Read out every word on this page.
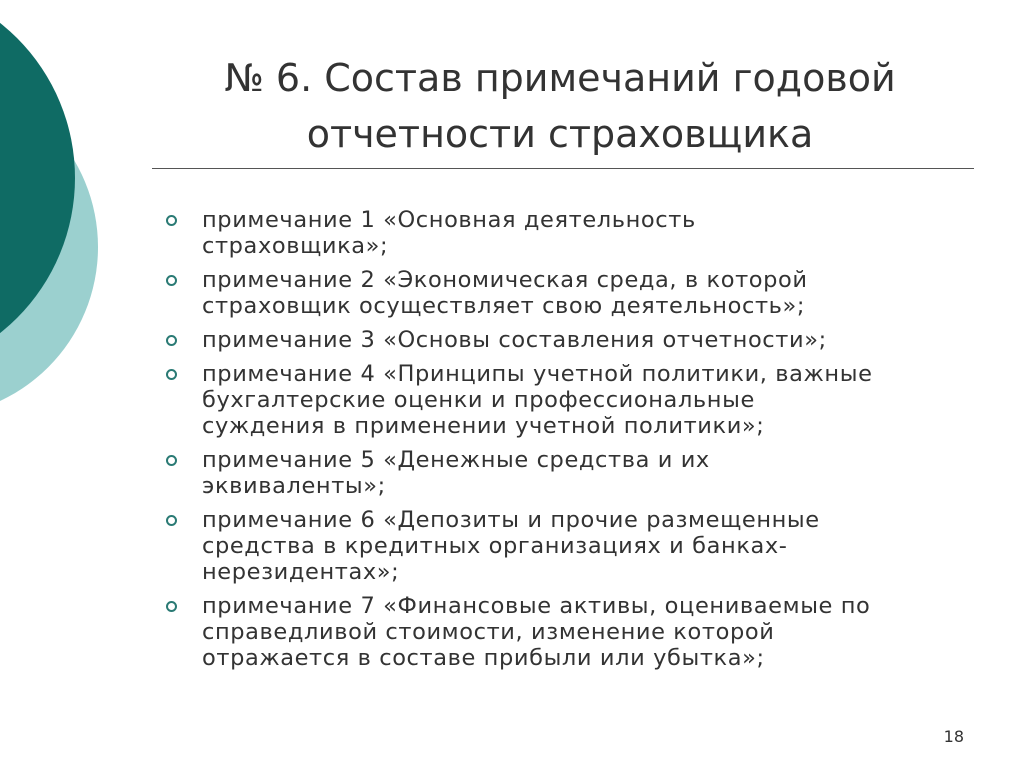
№ 6. Состав примечаний годовой
отчетности страховщика
примечание 1 «Основная деятельность
страховщика»;
примечание 2 «Экономическая среда, в которой
страховщик осуществляет свою деятельность»;
примечание 3 «Основы составления отчетности»;
примечание 4 «Принципы учетной политики, важные
бухгалтерские оценки и профессиональные
суждения в применении учетной политики»;
примечание 5 «Денежные средства и их
эквиваленты»;
примечание 6 «Депозиты и прочие размещенные
средства в кредитных организациях и банках-
нерезидентах»;
примечание 7 «Финансовые активы, оцениваемые по
справедливой стоимости, изменение которой
отражается в составе прибыли или убытка»;
18
